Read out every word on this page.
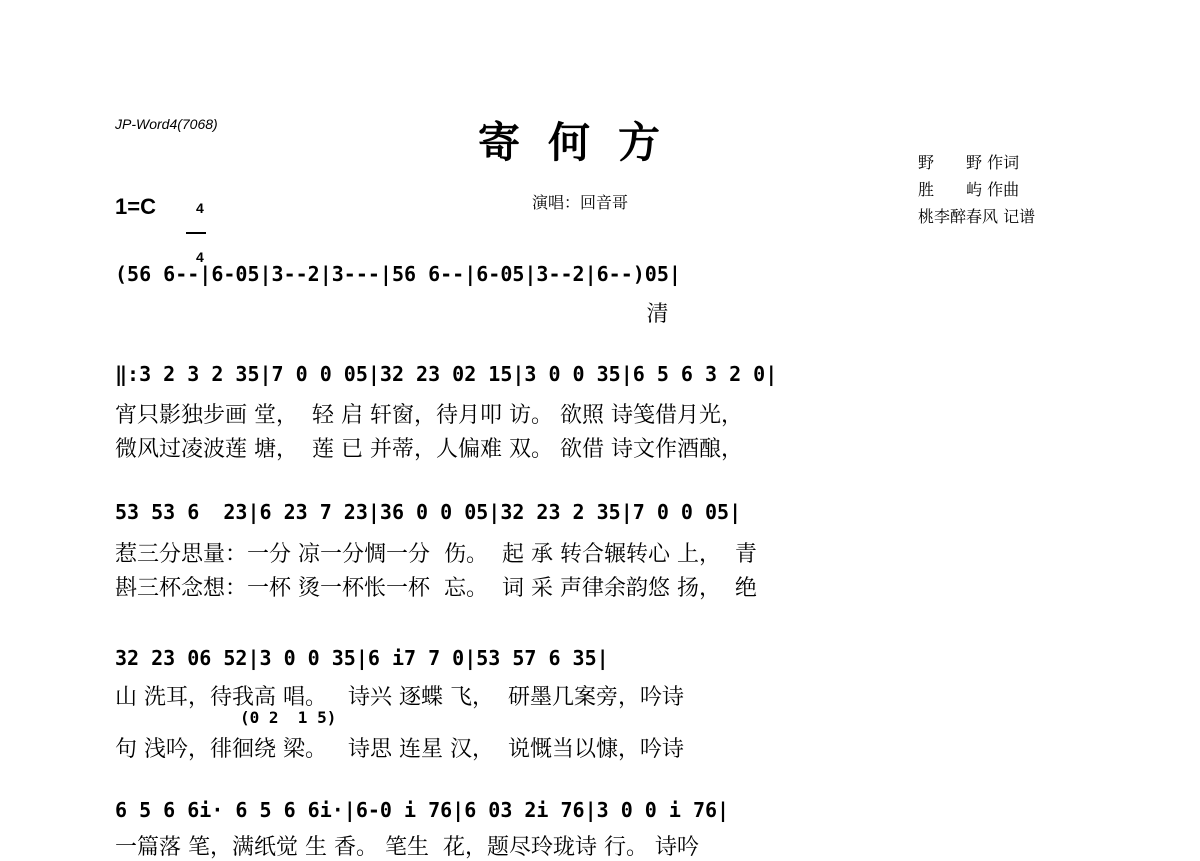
JP-Word4(7068)	寄何方
1=C	4

4

演唱：回音哥
野　　野 作词
胜　　屿 作曲
桃李醉春风 记谱
(56 6--|6-05|3--2|3---|56 6--|6-05|3--2|6--)05|
清
‖:3 2 3 2 35|7 0 0 05|32 23 02 15|3 0 0 35|6 5 6 3 2 0|
宵只影独步画 堂，  轻 启 轩窗，待月叩 访。 欲照 诗笺借月光，
微风过凌波莲 塘，  莲 已 并蒂，人偏难 双。 欲借 诗文作酒酿，
53 53 6  23|6 23 7 23|36 0 0 05|32 23 2 35|7 0 0 05|
惹三分思量：一分 凉一分惆一分  伤。  起 承 转合辗转心 上，  青
斟三杯念想：一杯 烫一杯怅一杯  忘。  词 采 声律余韵悠 扬，  绝
32 23 06 52|3 0 0 35|6 i7 7 0|53 57 6 35|
山 洗耳，待我高 唱。   诗兴 逐蝶 飞，  研墨几案旁，吟诗
(0 2  1 5)
句 浅吟，徘徊绕 梁。   诗思 连星 汉，  说慨当以慷，吟诗
6 5 6 6i· 6 5 6 6i·|6-0 i 76|6 03 2i 76|3 0 0 i 76|
一篇落 笔，满纸觉 生 香。 笔生  花，题尽玲珑诗 行。 诗吟
